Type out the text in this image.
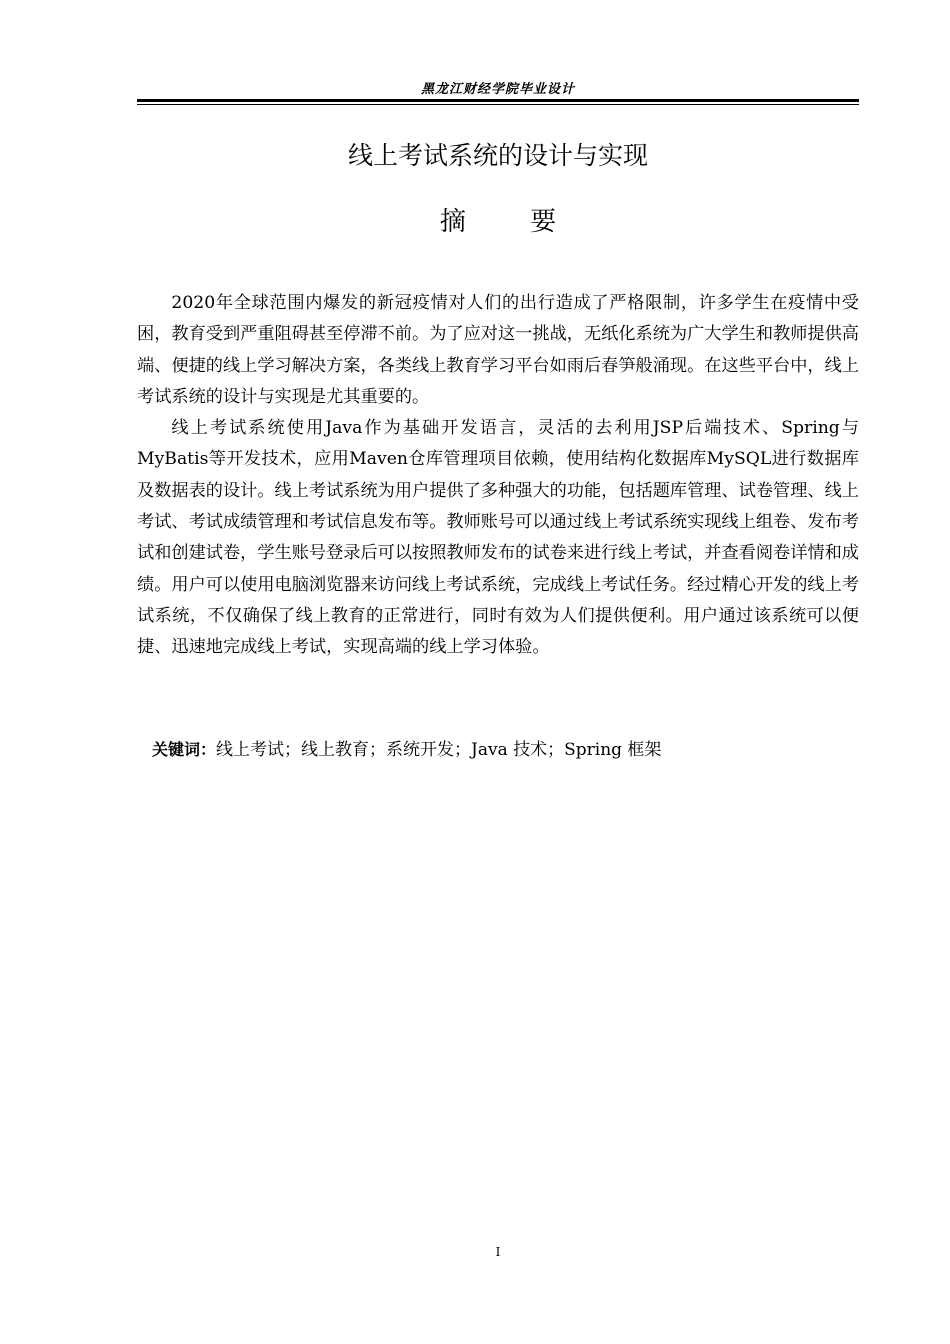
黑龙江财经学院毕业设计
线上考试系统的设计与实现
摘 要

2020年全球范围内爆发的新冠疫情对人们的出行造成了严格限制，许多学生在疫情中受困，教育受到严重阻碍甚至停滞不前。为了应对这一挑战，无纸化系统为广大学生和教师提供高端、便捷的线上学习解决方案，各类线上教育学习平台如雨后春笋般涌现。在这些平台中，线上考试系统的设计与实现是尤其重要的。

线上考试系统使用Java作为基础开发语言，灵活的去利用JSP后端技术、Spring与MyBatis等开发技术，应用Maven仓库管理项目依赖，使用结构化数据库MySQL进行数据库及数据表的设计。线上考试系统为用户提供了多种强大的功能，包括题库管理、试卷管理、线上考试、考试成绩管理和考试信息发布等。教师账号可以通过线上考试系统实现线上组卷、发布考试和创建试卷，学生账号登录后可以按照教师发布的试卷来进行线上考试，并查看阅卷详情和成绩。用户可以使用电脑浏览器来访问线上考试系统，完成线上考试任务。经过精心开发的线上考试系统，不仅确保了线上教育的正常进行，同时有效为人们提供便利。用户通过该系统可以便捷、迅速地完成线上考试，实现高端的线上学习体验。

关键词：线上考试；线上教育；系统开发；Java 技术；Spring 框架
I
